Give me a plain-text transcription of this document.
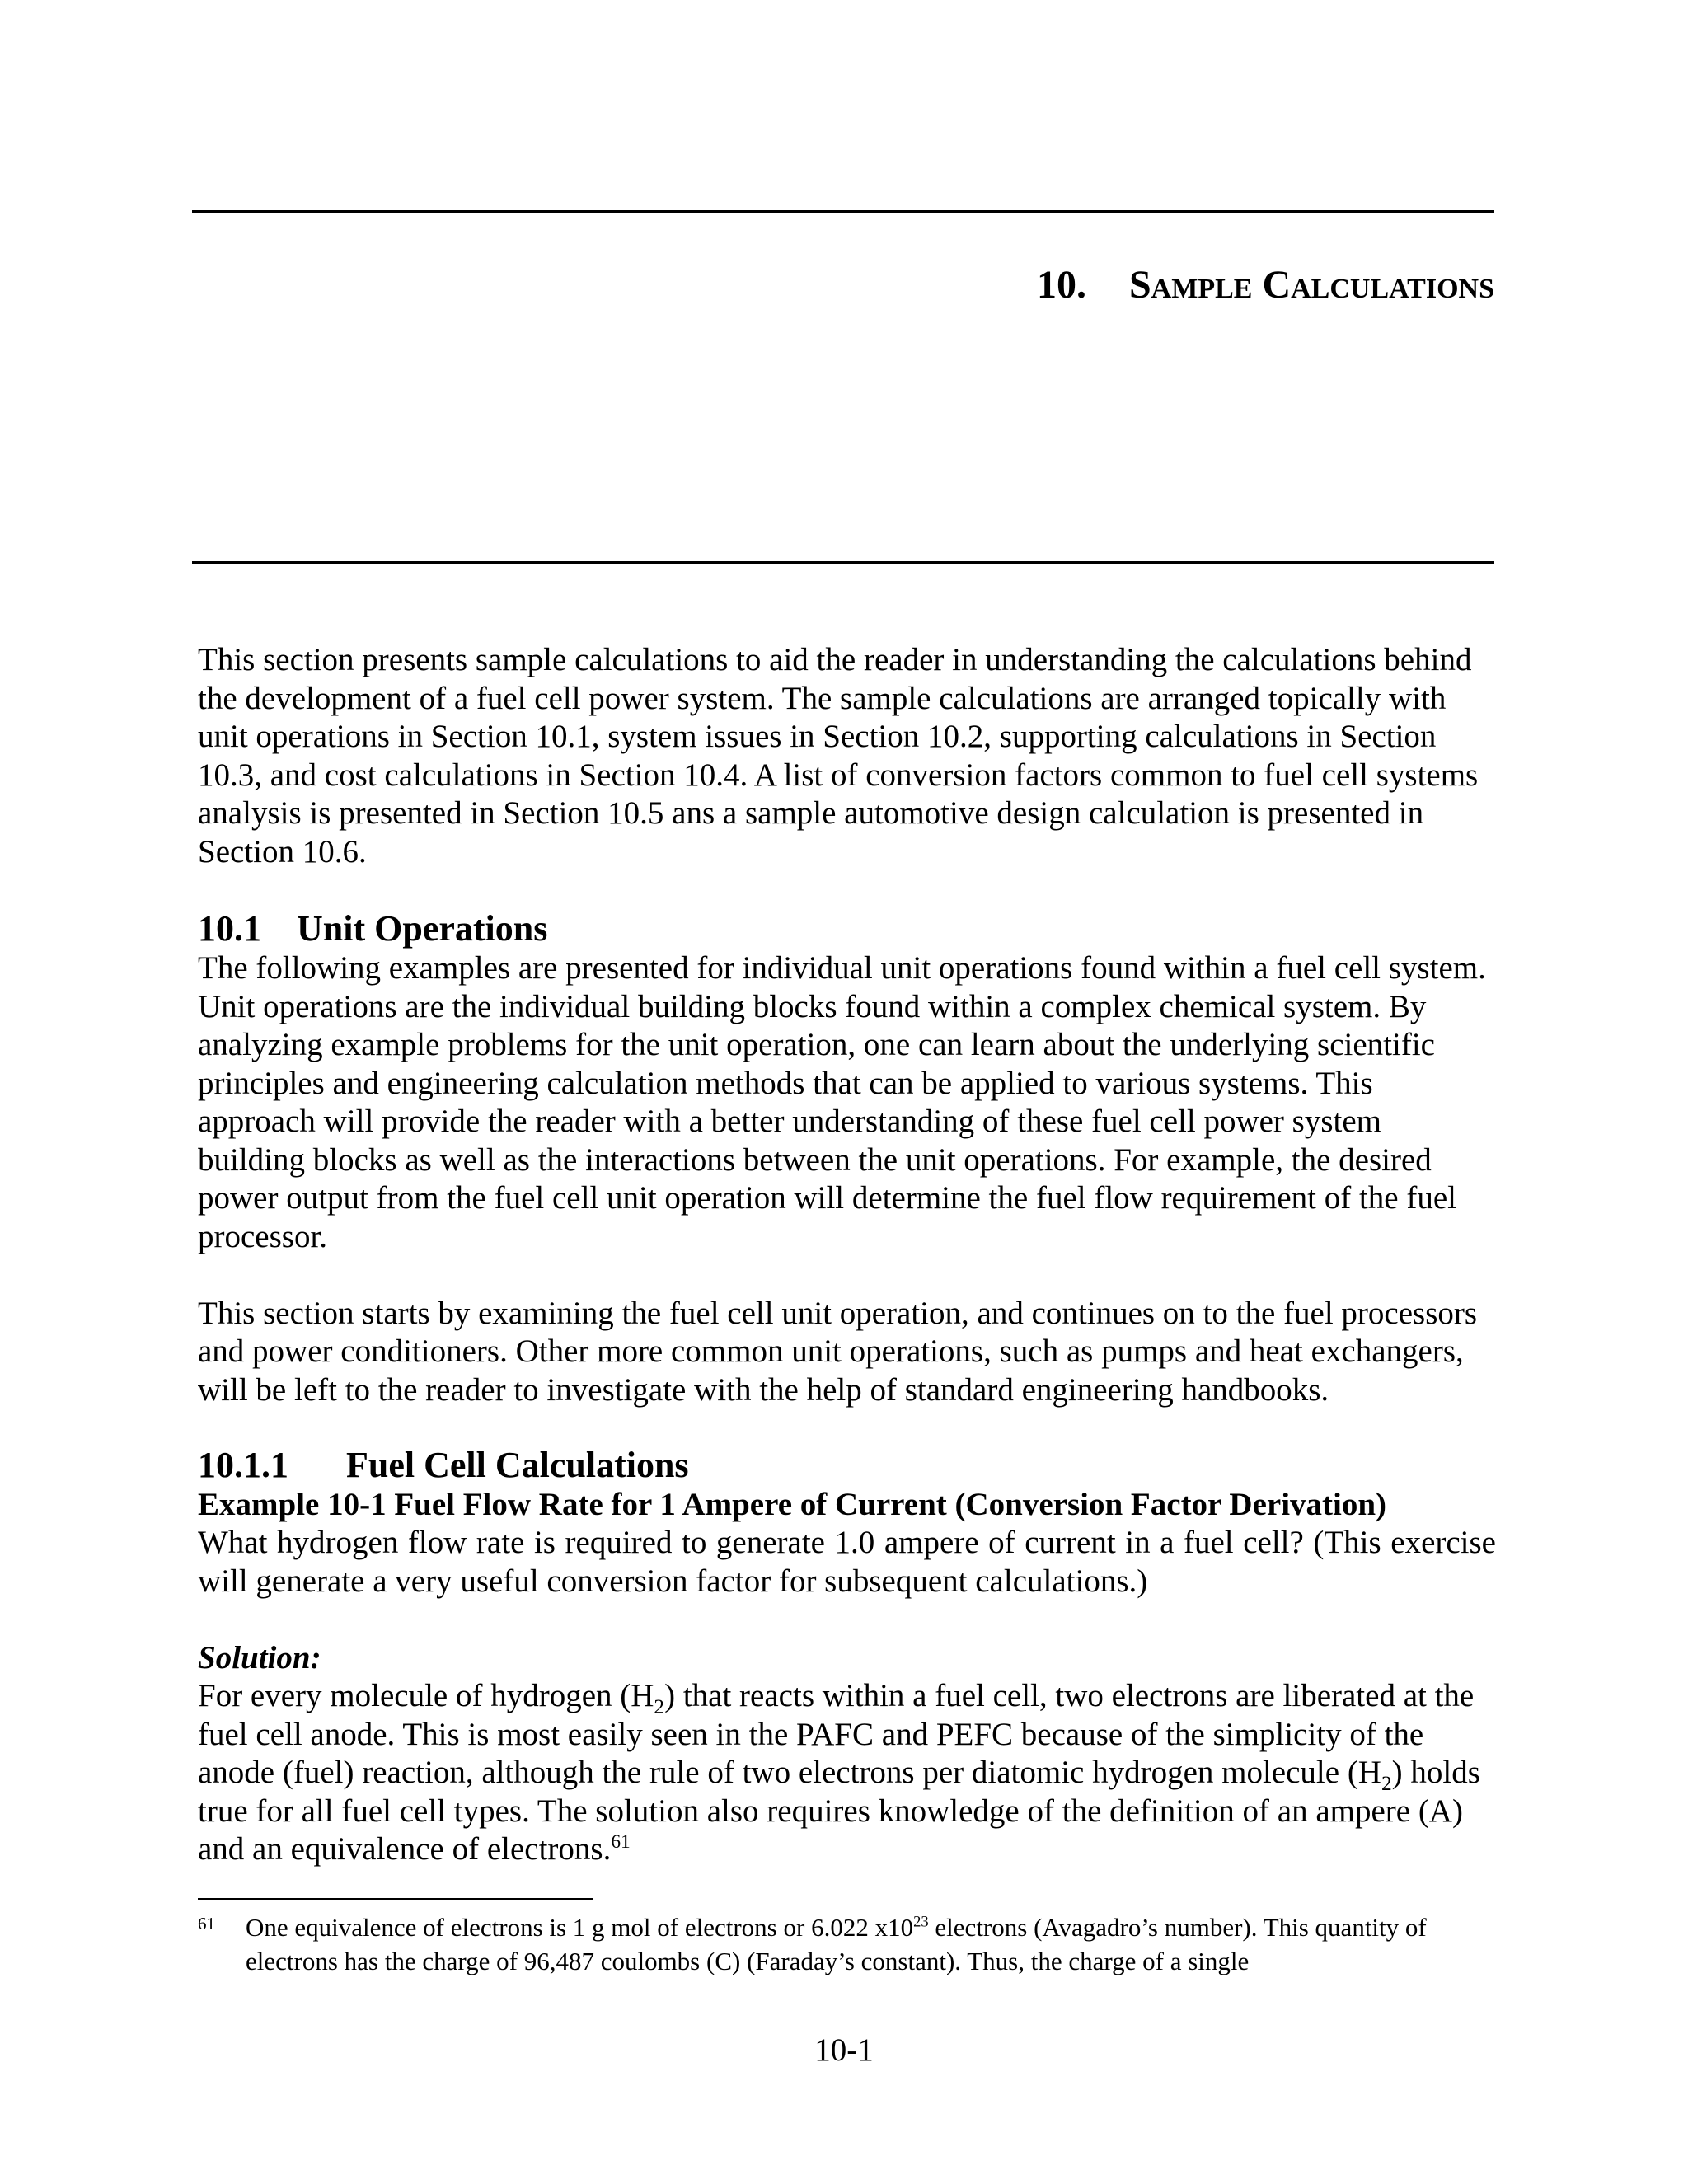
10. Sample Calculations

This section presents sample calculations to aid the reader in understanding the calculations behind the development of a fuel cell power system. The sample calculations are arranged topically with unit operations in Section 10.1, system issues in Section 10.2, supporting calculations in Section 10.3, and cost calculations in Section 10.4. A list of conversion factors common to fuel cell systems analysis is presented in Section 10.5 ans a sample automotive design calculation is presented in Section 10.6.

10.1 Unit Operations

The following examples are presented for individual unit operations found within a fuel cell system. Unit operations are the individual building blocks found within a complex chemical system. By analyzing example problems for the unit operation, one can learn about the underlying scientific principles and engineering calculation methods that can be applied to various systems. This approach will provide the reader with a better understanding of these fuel cell power system building blocks as well as the interactions between the unit operations. For example, the desired power output from the fuel cell unit operation will determine the fuel flow requirement of the fuel processor.

This section starts by examining the fuel cell unit operation, and continues on to the fuel processors and power conditioners. Other more common unit operations, such as pumps and heat exchangers, will be left to the reader to investigate with the help of standard engineering handbooks.

10.1.1 Fuel Cell Calculations
Example 10-1 Fuel Flow Rate for 1 Ampere of Current (Conversion Factor Derivation)

What hydrogen flow rate is required to generate 1.0 ampere of current in a fuel cell? (This exercise will generate a very useful conversion factor for subsequent calculations.)

Solution:

For every molecule of hydrogen $(H_2)$ that reacts within a fuel cell, two electrons are liberated at the fuel cell anode. This is most easily seen in the PAFC and PEFC because of the simplicity of the anode (fuel) reaction, although the rule of two electrons per diatomic hydrogen molecule $(H_2)$ holds true for all fuel cell types. The solution also requires knowledge of the definition of an ampere (A) and an equivalence of electrons.$^{61}$

61 One equivalence of electrons is 1 g mol of electrons or 6.022 $x10^{23}$ electrons (Avagadro’s number). This quantity of electrons has the charge of 96,487 coulombs (C) (Faraday’s constant). Thus, the charge of a single
10-1
